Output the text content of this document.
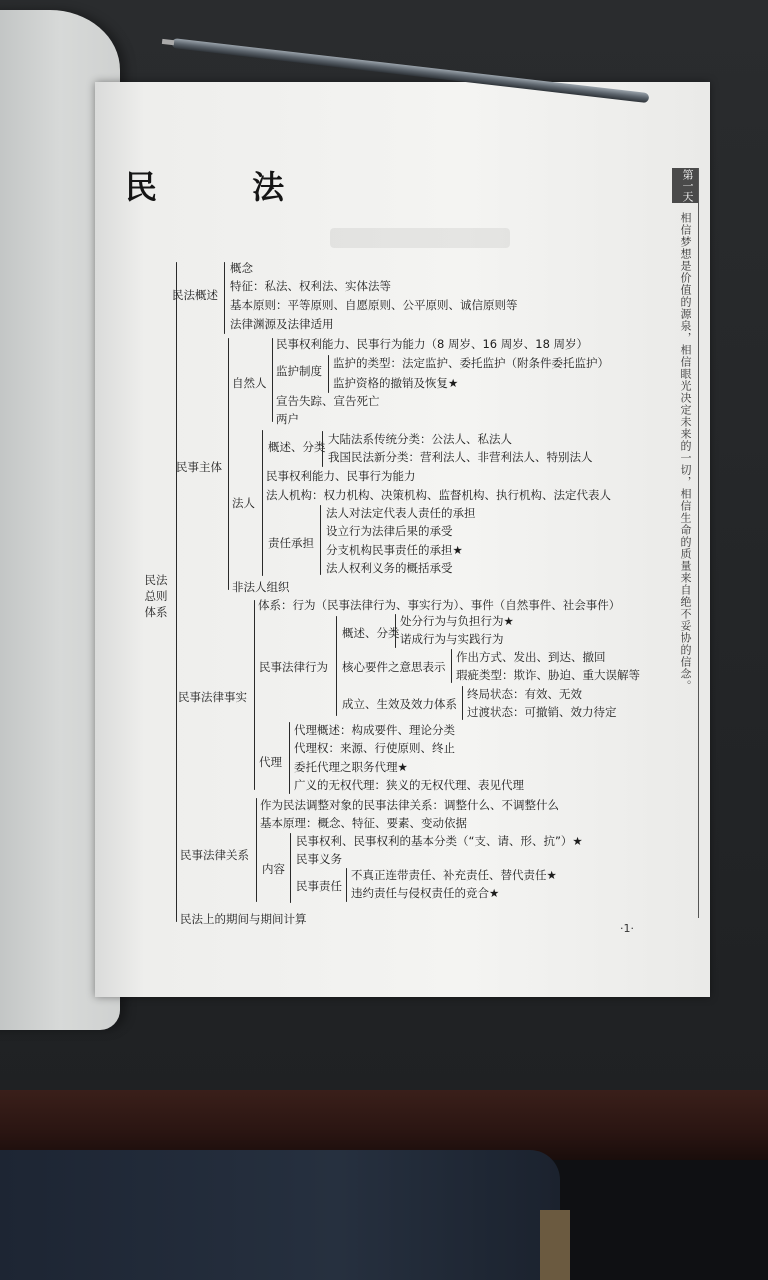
民 法	第一天
相信梦想是价值的源泉，相信眼光决定未来的一切，相信生命的质量来自绝不妥协的信念。
·1·
民法总则体系
民法概述
概念
特征：私法、权利法、实体法等
基本原则：平等原则、自愿原则、公平原则、诚信原则等
法律渊源及法律适用
民事主体
自然人
民事权利能力、民事行为能力（8 周岁、16 周岁、18 周岁）
监护制度
监护的类型：法定监护、委托监护（附条件委托监护）
监护资格的撤销及恢复★
宣告失踪、宣告死亡
两户
法人
概述、分类
大陆法系传统分类：公法人、私法人
我国民法新分类：营利法人、非营利法人、特别法人
民事权利能力、民事行为能力
法人机构：权力机构、决策机构、监督机构、执行机构、法定代表人
责任承担
法人对法定代表人责任的承担
设立行为法律后果的承受
分支机构民事责任的承担★
法人权利义务的概括承受
非法人组织
民事法律事实
体系：行为（民事法律行为、事实行为）、事件（自然事件、社会事件）
民事法律行为
概述、分类
处分行为与负担行为★
诺成行为与实践行为
核心要件之意思表示
作出方式、发出、到达、撤回
瑕疵类型：欺诈、胁迫、重大误解等
成立、生效及效力体系
终局状态：有效、无效
过渡状态：可撤销、效力待定
代理
代理概述：构成要件、理论分类
代理权：来源、行使原则、终止
委托代理之职务代理★
广义的无权代理：狭义的无权代理、表见代理
民事法律关系
作为民法调整对象的民事法律关系：调整什么、不调整什么
基本原理：概念、特征、要素、变动依据
内容
民事权利、民事权利的基本分类（“支、请、形、抗”）★
民事义务
民事责任
不真正连带责任、补充责任、替代责任★
违约责任与侵权责任的竞合★
民法上的期间与期间计算
